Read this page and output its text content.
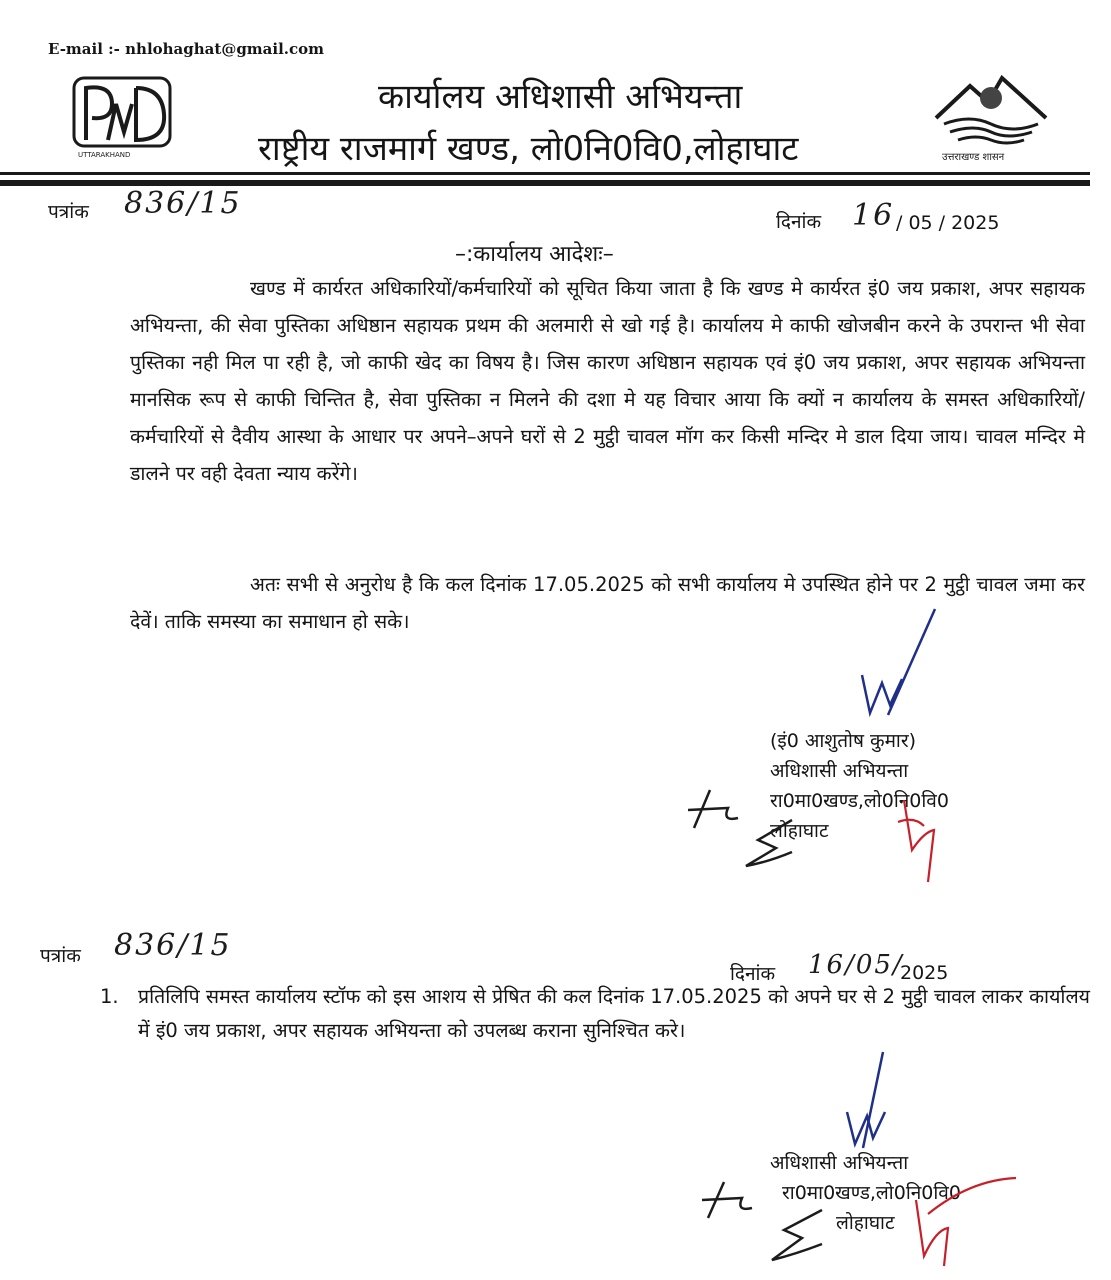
E-mail :- nhlohaghat@gmail.com
UTTARAKHAND
कार्यालय अधिशासी अभियन्ता
राष्ट्रीय राजमार्ग खण्ड, लो0नि0वि0,लोहाघाट	उत्तराखण्ड शासन
पत्रांक 836/15
दिनांक 16 / 05 / 2025
–:कार्यालय आदेशः–
खण्ड में कार्यरत अधिकारियों/कर्मचारियों को सूचित किया जाता है कि खण्ड मे कार्यरत इं0 जय प्रकाश, अपर सहायक अभियन्ता, की सेवा पुस्तिका अधिष्ठान सहायक प्रथम की अलमारी से खो गई है। कार्यालय मे काफी खोजबीन करने के उपरान्त भी सेवा पुस्तिका नही मिल पा रही है, जो काफी खेद का विषय है। जिस कारण अधिष्ठान सहायक एवं इं0 जय प्रकाश, अपर सहायक अभियन्ता मानसिक रूप से काफी चिन्तित है, सेवा पुस्तिका न मिलने की दशा मे यह विचार आया कि क्यों न कार्यालय के समस्त अधिकारियों/कर्मचारियों से दैवीय आस्था के आधार पर अपने–अपने घरों से 2 मुट्ठी चावल मॉग कर किसी मन्दिर मे डाल दिया जाय। चावल मन्दिर मे डालने पर वही देवता न्याय करेंगे।
अतः सभी से अनुरोध है कि कल दिनांक 17.05.2025 को सभी कार्यालय मे उपस्थित होने पर 2 मुट्ठी चावल जमा कर देवें। ताकि समस्या का समाधान हो सके।
(इं0 आशुतोष कुमार)
अधिशासी अभियन्ता
रा0मा0खण्ड,लो0नि0वि0
लोहाघाट
पत्रांक 836/15
दिनांक 16/05/
2025
1. प्रतिलिपि समस्त कार्यालय स्टॉफ को इस आशय से प्रेषित की कल दिनांक 17.05.2025 को अपने घर से 2 मुट्ठी चावल लाकर कार्यालय में इं0 जय प्रकाश, अपर सहायक अभियन्ता को उपलब्ध कराना सुनिश्चित करे।
अधिशासी अभियन्ता
रा0मा0खण्ड,लो0नि0वि0
लोहाघाट
